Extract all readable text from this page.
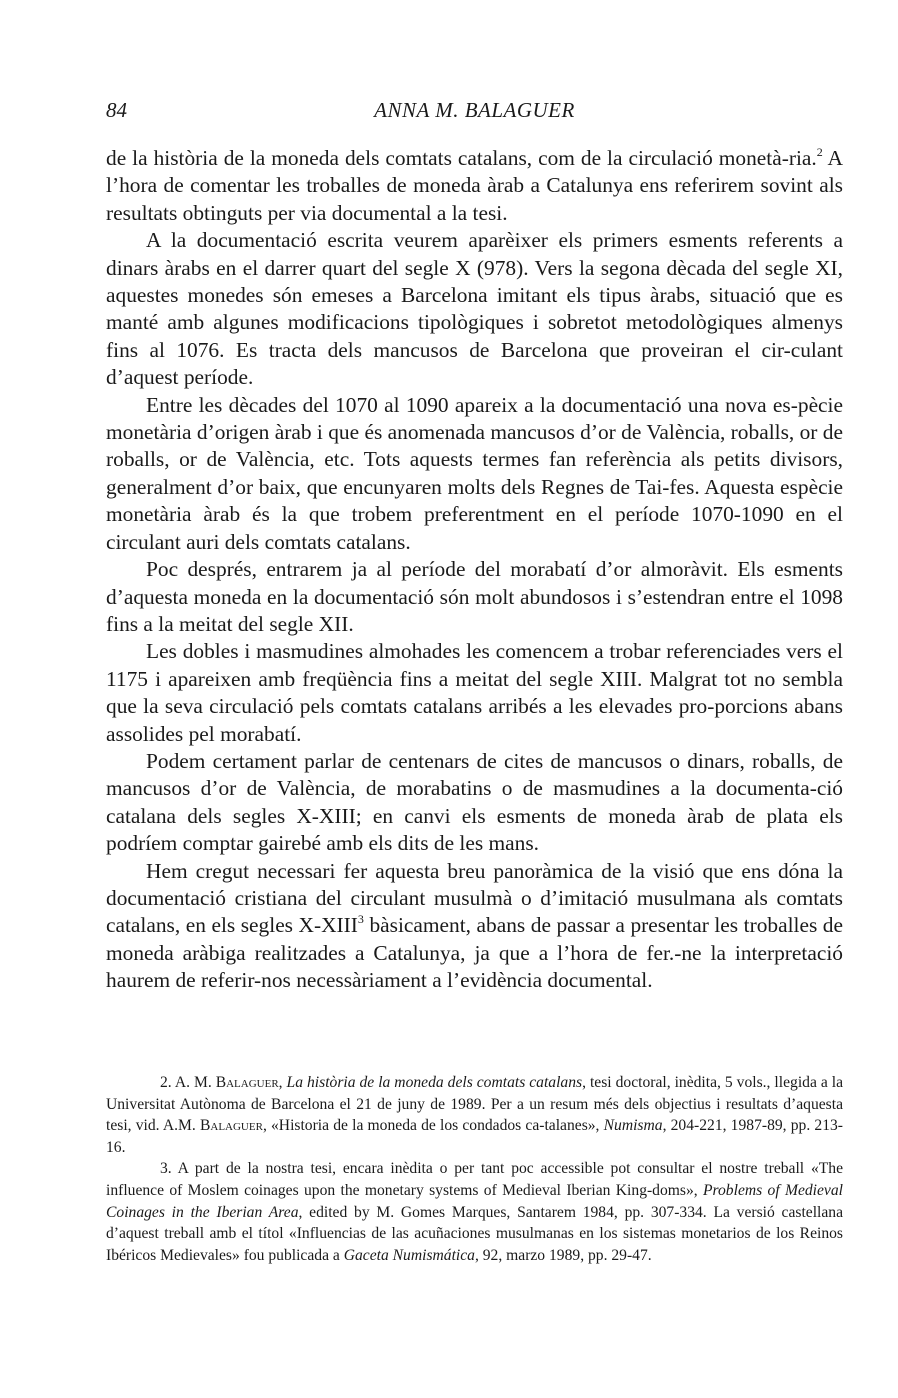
84	ANNA M. BALAGUER

de la història de la moneda dels comtats catalans, com de la circulació monetà-ria.$^2$ A l’hora de comentar les troballes de moneda àrab a Catalunya ens referirem sovint als resultats obtinguts per via documental a la tesi.

A la documentació escrita veurem aparèixer els primers esments referents a dinars àrabs en el darrer quart del segle X (978). Vers la segona dècada del segle XI, aquestes monedes són emeses a Barcelona imitant els tipus àrabs, situació que es manté amb algunes modificacions tipològiques i sobretot metodològiques almenys fins al 1076. Es tracta dels mancusos de Barcelona que proveiran el cir-culant d’aquest període.

Entre les dècades del 1070 al 1090 apareix a la documentació una nova es-pècie monetària d’origen àrab i que és anomenada mancusos d’or de València, roballs, or de roballs, or de València, etc. Tots aquests termes fan referència als petits divisors, generalment d’or baix, que encunyaren molts dels Regnes de Tai-fes. Aquesta espècie monetària àrab és la que trobem preferentment en el període 1070-1090 en el circulant auri dels comtats catalans.

Poc després, entrarem ja al període del morabatí d’or almoràvit. Els esments d’aquesta moneda en la documentació són molt abundosos i s’estendran entre el 1098 fins a la meitat del segle XII.

Les dobles i masmudines almohades les comencem a trobar referenciades vers el 1175 i apareixen amb freqüència fins a meitat del segle XIII. Malgrat tot no sembla que la seva circulació pels comtats catalans arribés a les elevades pro-porcions abans assolides pel morabatí.

Podem certament parlar de centenars de cites de mancusos o dinars, roballs, de mancusos d’or de València, de morabatins o de masmudines a la documenta-ció catalana dels segles X-XIII; en canvi els esments de moneda àrab de plata els podríem comptar gairebé amb els dits de les mans.

Hem cregut necessari fer aquesta breu panoràmica de la visió que ens dóna la documentació cristiana del circulant musulmà o d’imitació musulmana als comtats catalans, en els segles X-XIII$^3$ bàsicament, abans de passar a presentar les troballes de moneda aràbiga realitzades a Catalunya, ja que a l’hora de fer.-ne la interpretació haurem de referir-nos necessàriament a l’evidència documental.

2. A. M. Balaguer, La història de la moneda dels comtats catalans, tesi doctoral, inèdita, 5 vols., llegida a la Universitat Autònoma de Barcelona el 21 de juny de 1989. Per a un resum més dels objectius i resultats d’aquesta tesi, vid. A.M. Balaguer, «Historia de la moneda de los condados ca-talanes», Numisma, 204-221, 1987-89, pp. 213-16.

3. A part de la nostra tesi, encara inèdita o per tant poc accessible pot consultar el nostre treball «The influence of Moslem coinages upon the monetary systems of Medieval Iberian King-doms», Problems of Medieval Coinages in the Iberian Area, edited by M. Gomes Marques, Santarem 1984, pp. 307-334. La versió castellana d’aquest treball amb el títol «Influencias de las acuñaciones musulmanas en los sistemas monetarios de los Reinos Ibéricos Medievales» fou publicada a Gaceta Numismática, 92, marzo 1989, pp. 29-47.
